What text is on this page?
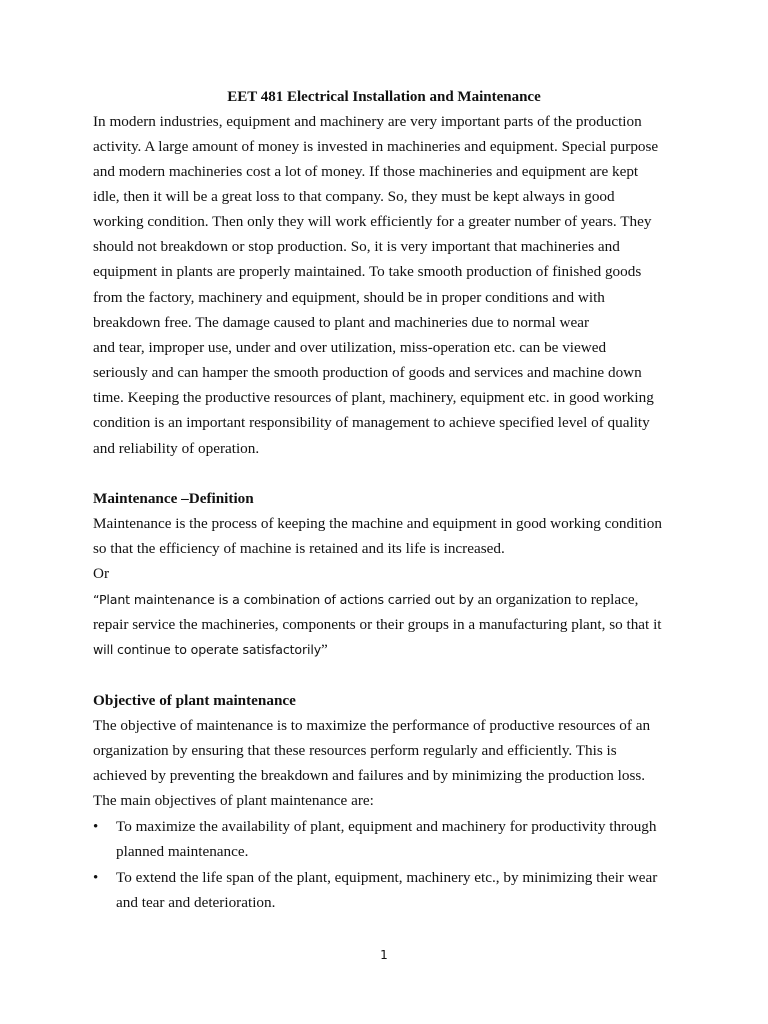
EET 481 Electrical Installation and Maintenance
In modern industries, equipment and machinery are very important parts of the production
activity. A large amount of money is invested in machineries and equipment. Special purpose
and modern machineries cost a lot of money. If those machineries and equipment are kept
idle, then it will be a great loss to that company. So, they must be kept always in good
working condition. Then only they will work efficiently for a greater number of years. They
should not breakdown or stop production. So, it is very important that machineries and
equipment in plants are properly maintained. To take smooth production of finished goods
from the factory, machinery and equipment, should be in proper conditions and with
breakdown free. The damage caused to plant and machineries due to normal wear
and tear, improper use, under and over utilization, miss-operation etc. can be viewed
seriously and can hamper the smooth production of goods and services and machine down
time. Keeping the productive resources of plant, machinery, equipment etc. in good working
condition is an important responsibility of management to achieve specified level of quality
and reliability of operation.
Maintenance –Definition
Maintenance is the process of keeping the machine and equipment in good working condition
so that the efficiency of machine is retained and its life is increased.
Or
“Plant maintenance is a combination of actions carried out by an organization to replace,
repair service the machineries, components or their groups in a manufacturing plant, so that it
will continue to operate satisfactorily”
Objective of plant maintenance
The objective of maintenance is to maximize the performance of productive resources of an
organization by ensuring that these resources perform regularly and efficiently. This is
achieved by preventing the breakdown and failures and by minimizing the production loss.
The main objectives of plant maintenance are:
• To maximize the availability of plant, equipment and machinery for productivity through
planned maintenance.
• To extend the life span of the plant, equipment, machinery etc., by minimizing their wear
and tear and deterioration.
1
